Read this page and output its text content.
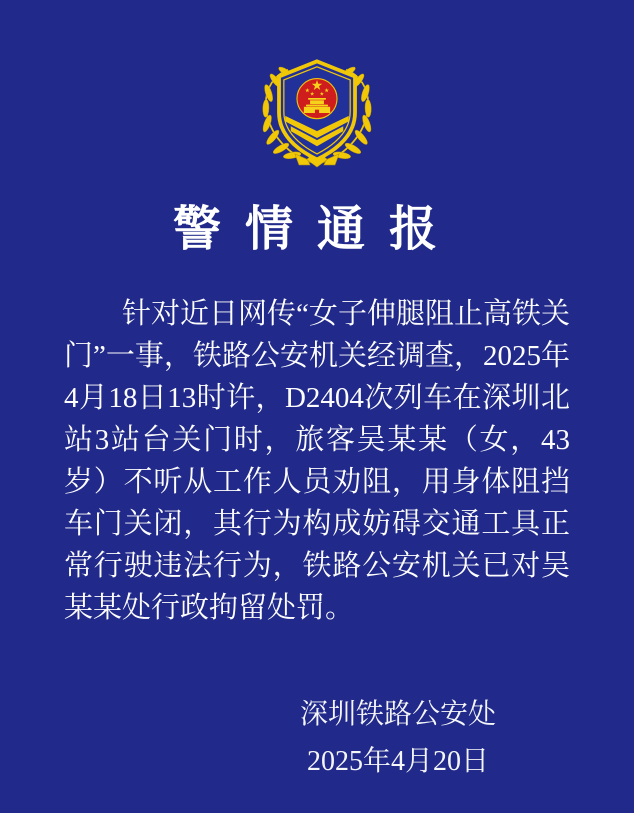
警情通报

针对近日网传“女子伸腿阻止高铁关门”一事，铁路公安机关经调查，2025年4月18日13时许，D2404次列车在深圳北站3站台关门时，旅客吴某某（女，43岁）不听从工作人员劝阻，用身体阻挡车门关闭，其行为构成妨碍交通工具正常行驶违法行为，铁路公安机关已对吴某某处行政拘留处罚。

深圳铁路公安处
2025年4月20日
